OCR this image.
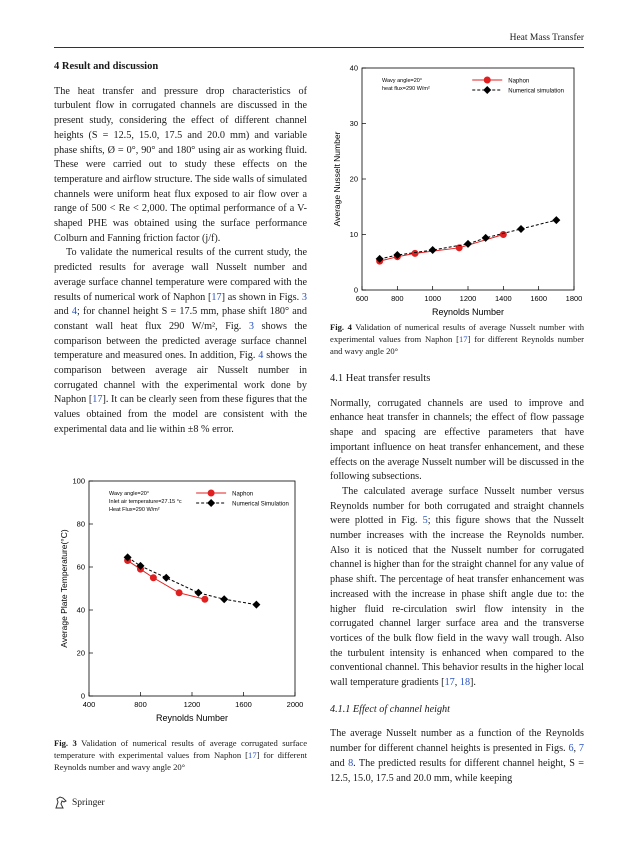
Heat Mass Transfer
4 Result and discussion

The heat transfer and pressure drop characteristics of turbulent flow in corrugated channels are discussed in the present study, considering the effect of different channel heights (S = 12.5, 15.0, 17.5 and 20.0 mm) and variable phase shifts, Ø = 0°, 90° and 180° using air as working fluid. These were carried out to study these effects on the temperature and airflow structure. The side walls of simulated channels were uniform heat flux exposed to air flow over a range of 500 < Re < 2,000. The optimal performance of a V-shaped PHE was obtained using the surface performance Colburn and Fanning friction factor (j/f).

To validate the numerical results of the current study, the predicted results for average wall Nusselt number and average surface channel temperature were compared with the results of numerical work of Naphon [17] as shown in Figs. 3 and 4; for channel height S = 17.5 mm, phase shift 180° and constant wall heat flux 290 W/m², Fig. 3 shows the comparison between the predicted average surface channel temperature and measured ones. In addition, Fig. 4 shows the comparison between average air Nusselt number in corrugated channel with the experimental work done by Naphon [17]. It can be clearly seen from these figures that the values obtained from the model are consistent with the experimental data and lie within ±8 % error.

400	800	1200	1600	2000
0
20
40
60
80
100
Reynolds Number
Average Plate Temperature(°C)
Wavy angle=20°
Inlet air temperature=27.15 °c
Heat Flux=290 W/m²
Naphon
Numerical Simulation
Fig. 3 Validation of numerical results of average corrugated surface temperature with experimental values from Naphon [17] for different Reynolds number and wavy angle 20°
600	800	1000 1200 1400 1600 1800
0
10
20
30
40
Reynolds Number
Average Nusselt Number
Wavy angle=20°
heat flux=290 W/m²
Naphon
Numerical simulation
Fig. 4 Validation of numerical results of average Nusselt number with experimental values from Naphon [17] for different Reynolds number and wavy angle 20°
4.1 Heat transfer results

Normally, corrugated channels are used to improve and enhance heat transfer in channels; the effect of flow passage shape and spacing are effective parameters that have important influence on heat transfer enhancement, and these effects on the average Nusselt number will be discussed in the following subsections.

The calculated average surface Nusselt number versus Reynolds number for both corrugated and straight channels were plotted in Fig. 5; this figure shows that the Nusselt number increases with the increase the Reynolds number. Also it is noticed that the Nusselt number for corrugated channel is higher than for the straight channel for any value of phase shift. The percentage of heat transfer enhancement was increased with the increase in phase shift angle due to: the higher fluid re-circulation swirl flow intensity in the corrugated channel larger surface area and the transverse vortices of the bulk flow field in the wavy wall trough. Also the turbulent intensity is enhanced when compared to the conventional channel. This behavior results in the higher local wall temperature gradients [17, 18].

4.1.1 Effect of channel height

The average Nusselt number as a function of the Reynolds number for different channel heights is presented in Figs. 6, 7 and 8. The predicted results for different channel height, S = 12.5, 15.0, 17.5 and 20.0 mm, while keeping

Springer
